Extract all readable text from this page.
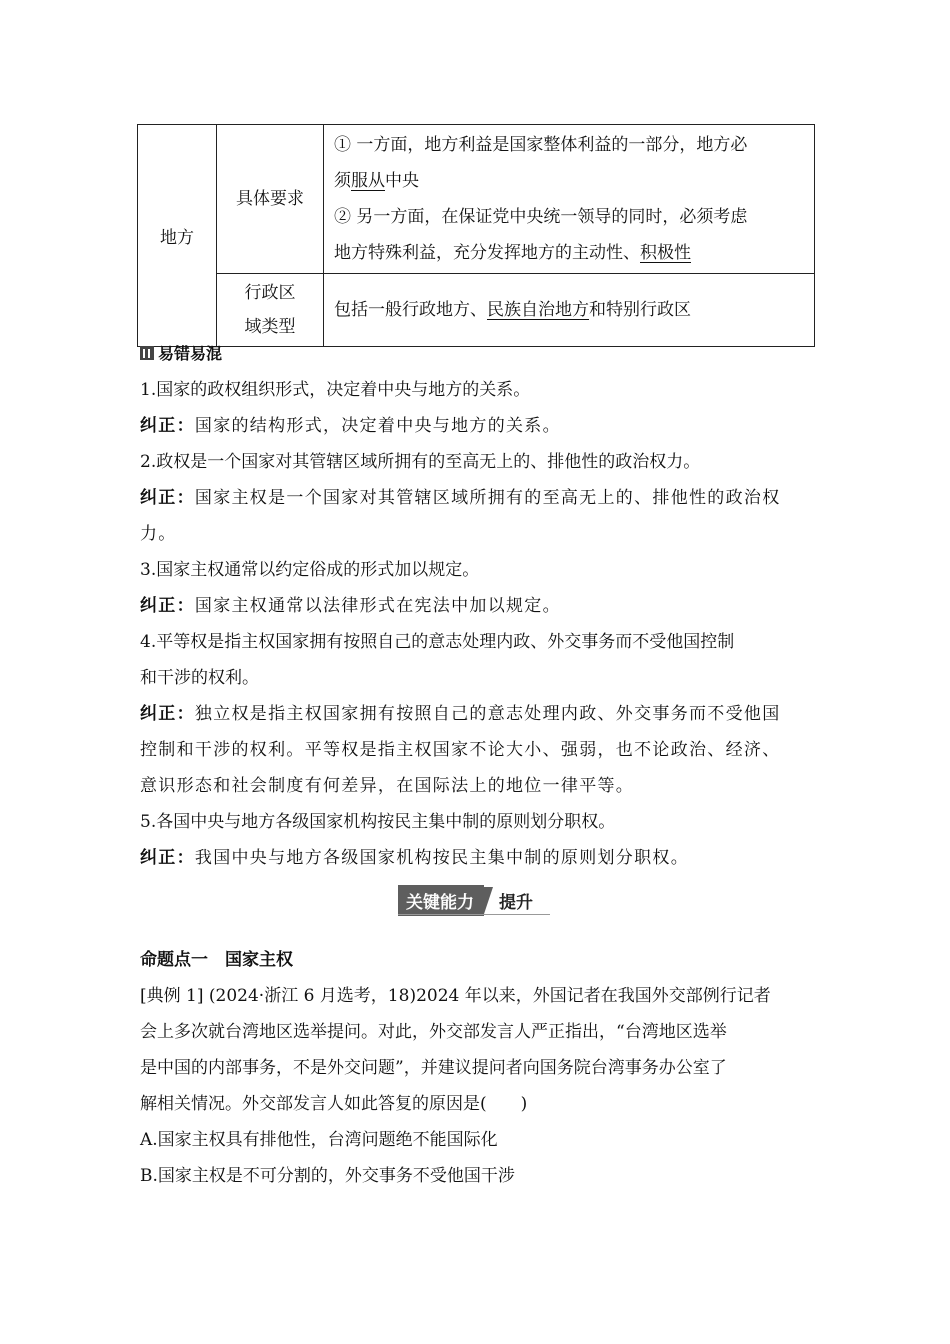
地方	具体要求	① 一方面，地方利益是国家整体利益的一部分，地方必
须服从中央
② 另一方面，在保证党中央统一领导的同时，必须考虑
地方特殊利益，充分发挥地方的主动性、积极性

	行政区
域类型	包括一般行政地方、民族自治地方和特别行政区
易错易混

1.国家的政权组织形式，决定着中央与地方的关系。

纠正：国家的结构形式，决定着中央与地方的关系。

2.政权是一个国家对其管辖区域所拥有的至高无上的、排他性的政治权力。

纠正：国家主权是一个国家对其管辖区域所拥有的至高无上的、排他性的政治权

力。

3.国家主权通常以约定俗成的形式加以规定。

纠正：国家主权通常以法律形式在宪法中加以规定。

4.平等权是指主权国家拥有按照自己的意志处理内政、外交事务而不受他国控制

和干涉的权利。

纠正：独立权是指主权国家拥有按照自己的意志处理内政、外交事务而不受他国

控制和干涉的权利。平等权是指主权国家不论大小、强弱，也不论政治、经济、

意识形态和社会制度有何差异，在国际法上的地位一律平等。

5.各国中央与地方各级国家机构按民主集中制的原则划分职权。

纠正：我国中央与地方各级国家机构按民主集中制的原则划分职权。

关键能力	提升

命题点一　国家主权

[典例 1] (2024·浙江 6 月选考，18)2024 年以来，外国记者在我国外交部例行记者

会上多次就台湾地区选举提问。对此，外交部发言人严正指出，“台湾地区选举

是中国的内部事务，不是外交问题”，并建议提问者向国务院台湾事务办公室了

解相关情况。外交部发言人如此答复的原因是(　　)

A.国家主权具有排他性，台湾问题绝不能国际化

B.国家主权是不可分割的，外交事务不受他国干涉
